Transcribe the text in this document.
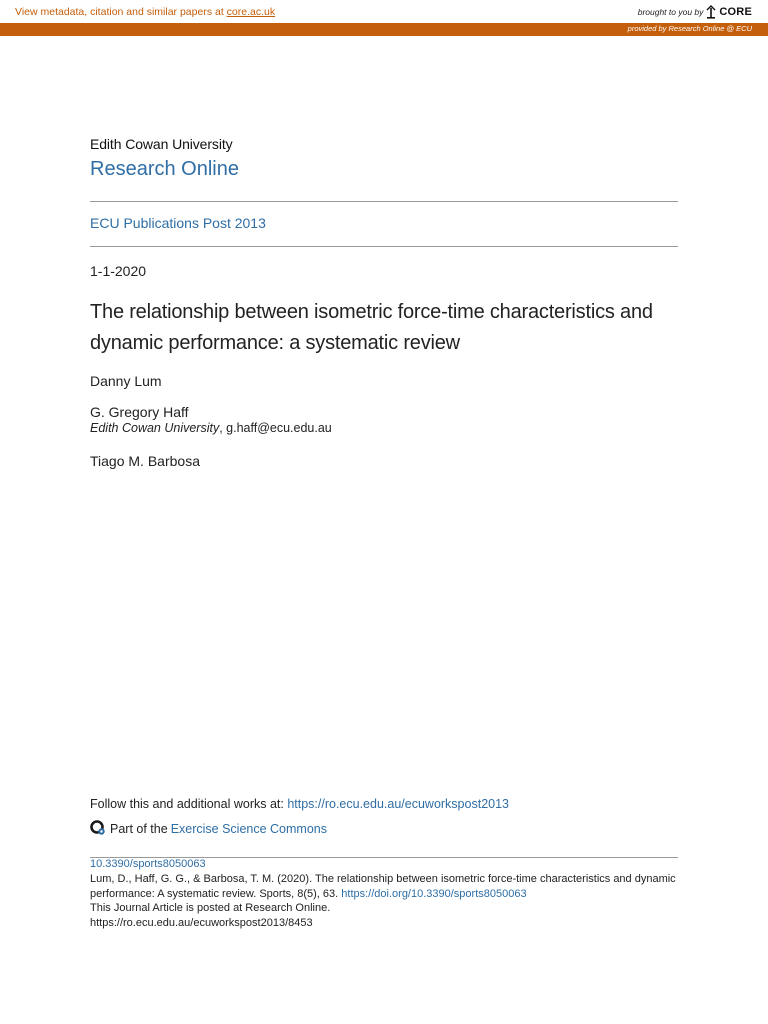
View metadata, citation and similar papers at core.ac.uk	brought to you by CORE
provided by Research Online @ ECU
Edith Cowan University
Research Online
ECU Publications Post 2013
1-1-2020
The relationship between isometric force-time characteristics and dynamic performance: a systematic review
Danny Lum
G. Gregory Haff
Edith Cowan University, g.haff@ecu.edu.au
Tiago M. Barbosa
Follow this and additional works at: https://ro.ecu.edu.au/ecuworkspost2013
Part of the Exercise Science Commons
10.3390/sports8050063
Lum, D., Haff, G. G., & Barbosa, T. M. (2020). The relationship between isometric force-time characteristics and dynamic performance: A systematic review. Sports, 8(5), 63. https://doi.org/10.3390/sports8050063
This Journal Article is posted at Research Online.
https://ro.ecu.edu.au/ecuworkspost2013/8453
